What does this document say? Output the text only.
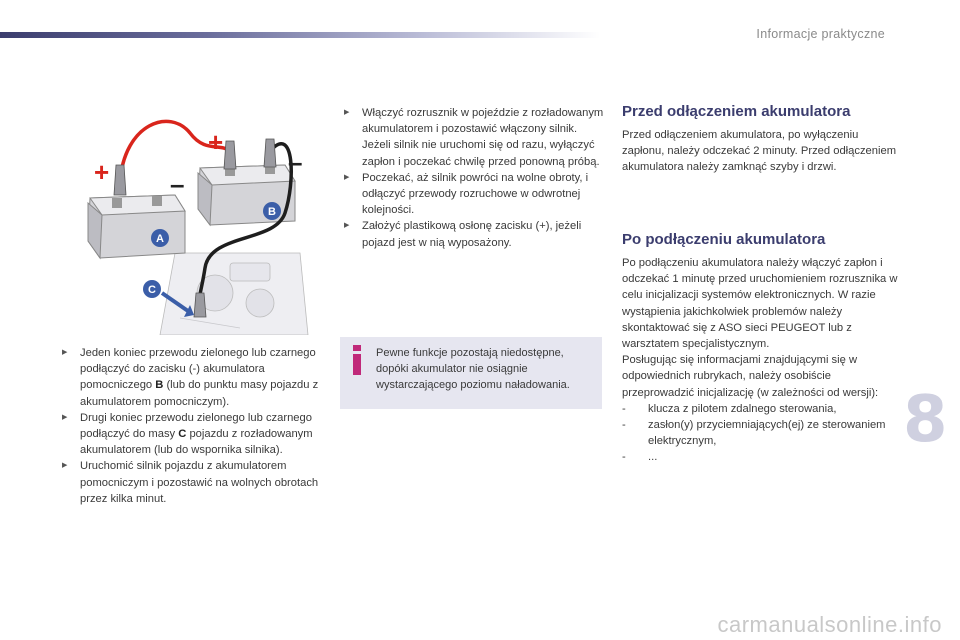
Informacje praktyczne
+ –
+
–
A
B
C
▶ Jeden koniec przewodu zielonego lub czarnego podłączyć do zacisku (-) akumulatora pomocniczego B (lub do punktu masy pojazdu z akumulatorem pomocniczym).
▶ Drugi koniec przewodu zielonego lub czarnego podłączyć do masy C pojazdu z rozładowanym akumulatorem (lub do wspornika silnika).
▶ Uruchomić silnik pojazdu z akumulatorem pomocniczym i pozostawić na wolnych obrotach przez kilka minut.
▶ Włączyć rozrusznik w pojeździe z rozładowanym akumulatorem i pozostawić włączony silnik.
Jeżeli silnik nie uruchomi się od razu, wyłączyć zapłon i poczekać chwilę przed ponowną próbą.
▶ Poczekać, aż silnik powróci na wolne obroty, i odłączyć przewody rozruchowe w odwrotnej kolejności.
▶ Założyć plastikową osłonę zacisku (+), jeżeli pojazd jest w nią wyposażony.
Pewne funkcje pozostają niedostępne, dopóki akumulator nie osiągnie wystarczającego poziomu naładowania.
Przed odłączeniem akumulatora
Przed odłączeniem akumulatora, po wyłączeniu zapłonu, należy odczekać 2 minuty. Przed odłączeniem akumulatora należy zamknąć szyby i drzwi.
Po podłączeniu akumulatora
Po podłączeniu akumulatora należy włączyć zapłon i odczekać 1 minutę przed uruchomieniem rozrusznika w celu inicjalizacji systemów elektronicznych. W razie wystąpienia jakichkolwiek problemów należy skontaktować się z ASO sieci PEUGEOT lub z warsztatem specjalistycznym.
Posługując się informacjami znajdującymi się w odpowiednich rubrykach, należy osobiście przeprowadzić inicjalizację (w zależności od wersji):
- klucza z pilotem zdalnego sterowania,
- zasłon(y) przyciemniających(ej) ze sterowaniem elektrycznym,
- ...
8
carmanualsonline.info
